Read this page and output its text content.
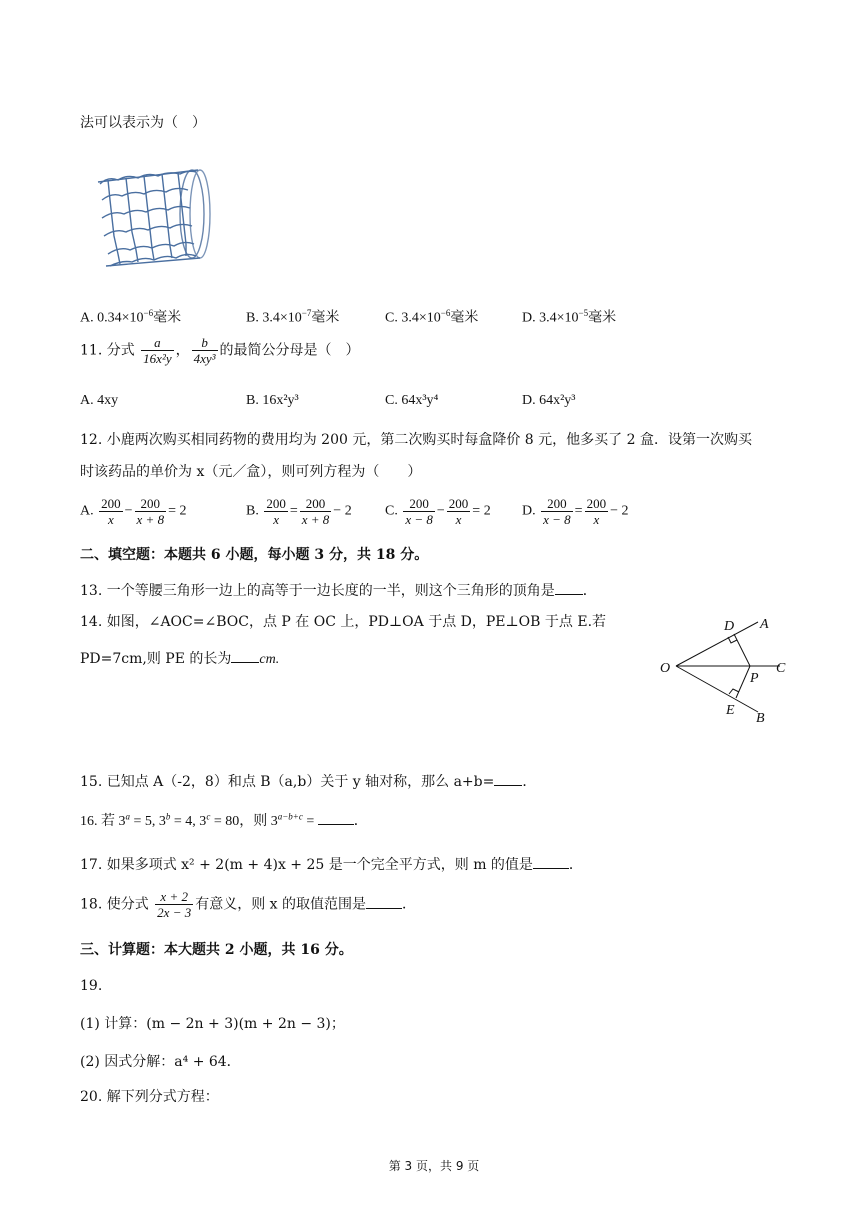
法可以表示为（　）
A. $0.34\times 10^{-6}$毫米	B. $3.4\times 10^{-7}$毫米	C. $3.4\times 10^{-6}$毫米	D. $3.4\times 10^{-5}$毫米
11. 分式 $\frac{a}{\text{16x²y}}$ ， $\frac{b}{\text{4xy³}}$ 的最简公分母是（　）
A. 4xy	B. 16x²y³	C. 64x³y⁴	D. 64x²y³
12. 小鹿两次购买相同药物的费用均为 200 元，第二次购买时每盒降价 8 元，他多买了 2 盒．设第一次购买
时该药品的单价为 x（元／盒），则可列方程为（　　）
A. $\frac{200}{x} - \frac{200}{x + 8} = 2$	B. $\frac{200}{x} = \frac{200}{x + 8} - 2$ C. $\frac{200}{x - 8} - \frac{200}{x} = 2$ D. $\frac{200}{x - 8} = \frac{200}{x} - 2$
二、填空题：本题共 6 小题，每小题 3 分，共 18 分。
13. 一个等腰三角形一边上的高等于一边长度的一半，则这个三角形的顶角是 ．
14. 如图，∠AOC=∠BOC，点 P 在 OC 上，PD⊥OA 于点 D，PE⊥OB 于点 E.若
PD=7cm,则 PE 的长为 cm.
O
D A
P
C
E
B
15. 已知点 A（-2，8）和点 B（a,b）关于 y 轴对称，那么 a+b= ．
16. 若 $3^a = 5$, $3^b = 4$, $3^c = 80$，则 $3^{a-b+c}$ =	．
17. 如果多项式 x² + 2(m + 4)x + 25 是一个完全平方式，则 m 的值是	．
18. 使分式 $\frac{x + 2}{2x - 3}$ 有意义，则 x 的取值范围是	．
三、计算题：本大题共 2 小题，共 16 分。
19.
(1) 计算：(m − 2n + 3)(m + 2n − 3)；
(2) 因式分解：a⁴ + 64．
20. 解下列分式方程：
第 3 页，共 9 页
